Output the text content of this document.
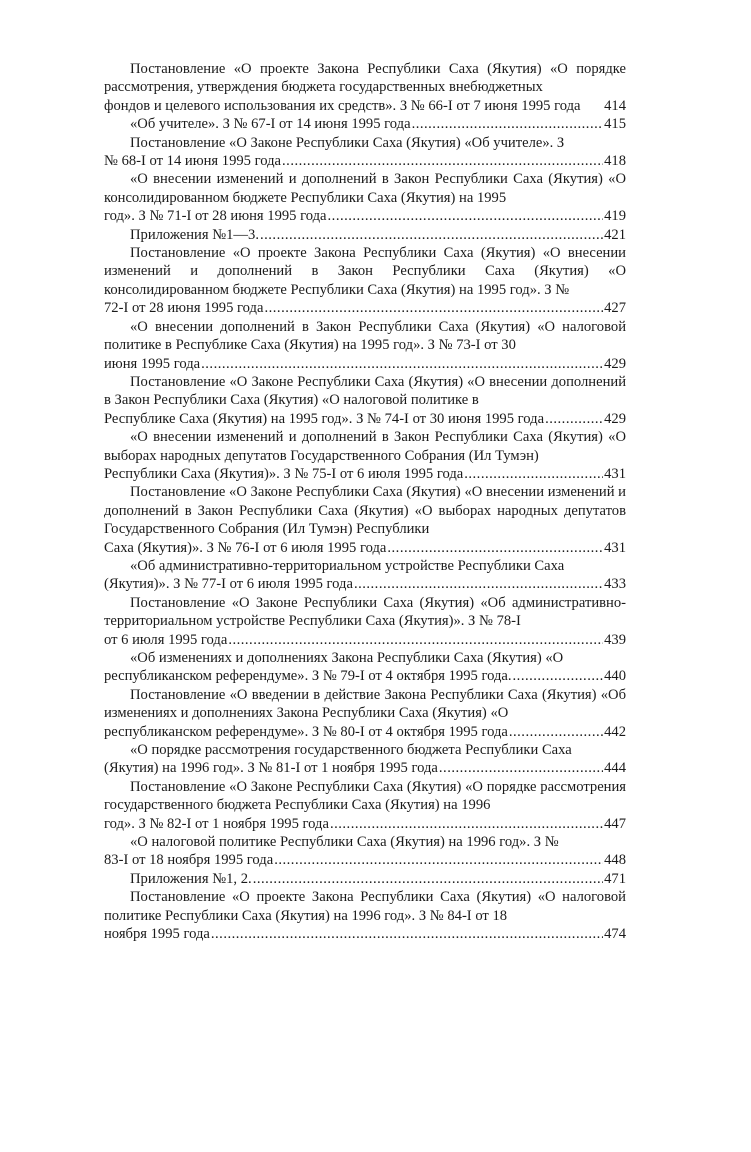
Постановление «О проекте Закона Республики Саха (Якутия) «О порядке рассмотрения, утверждения бюджета государственных внебюджетных
фондов и целевого использования их средств». З № 66-I от 7 июня 1995 года 414

«Об учителе». З № 67-I от 14 июня 1995 года .....	415

Постановление «О Законе Республики Саха (Якутия) «Об учителе». З
№ 68-I от 14 июня 1995 года .....	418

«О внесении изменений и дополнений в Закон Республики Саха (Якутия) «О консолидированном бюджете Республики Саха (Якутия) на 1995
год». З № 71-I от 28 июня 1995 года .....	419

Приложения №1—3. .....	421

Постановление «О проекте Закона Республики Саха (Якутия) «О внесении изменений и дополнений в Закон Республики Саха (Якутия) «О консолидированном бюджете Республики Саха (Якутия) на 1995 год». З №
72-I от 28 июня 1995 года .....	427

«О внесении дополнений в Закон Республики Саха (Якутия) «О налоговой политике в Республике Саха (Якутия) на 1995 год». З № 73-I от 30
июня 1995 года .....	429

Постановление «О Законе Республики Саха (Якутия) «О внесении дополнений в Закон Республики Саха (Якутия) «О налоговой политике в
Республике Саха (Якутия) на 1995 год». З № 74-I от 30 июня 1995 года .....	429

«О внесении изменений и дополнений в Закон Республики Саха (Якутия) «О выборах народных депутатов Государственного Собрания (Ил Тумэн)
Республики Саха (Якутия)». З № 75-I от 6 июля 1995 года .....	431

Постановление «О Законе Республики Саха (Якутия) «О внесении изменений и дополнений в Закон Республики Саха (Якутия) «О выборах народных депутатов Государственного Собрания (Ил Тумэн) Республики
Саха (Якутия)». З № 76-I от 6 июля 1995 года .....	431

«Об административно-территориальном устройстве Республики Саха
(Якутия)». З № 77-I от 6 июля 1995 года .....	433

Постановление «О Законе Республики Саха (Якутия) «Об административно-территориальном устройстве Республики Саха (Якутия)». З № 78-I
от 6 июля 1995 года .....	439

«Об изменениях и дополнениях Закона Республики Саха (Якутия) «О
республиканском референдуме». З № 79-I от 4 октября 1995 года. .....	440

Постановление «О введении в действие Закона Республики Саха (Якутия) «Об изменениях и дополнениях Закона Республики Саха (Якутия) «О
республиканском референдуме». З № 80-I от 4 октября 1995 года .....	442

«О порядке рассмотрения государственного бюджета Республики Саха
(Якутия) на 1996 год». З № 81-I от 1 ноября 1995 года .....	444

Постановление «О Законе Республики Саха (Якутия) «О порядке рассмотрения государственного бюджета Республики Саха (Якутия) на 1996
год». З № 82-I от 1 ноября 1995 года .....	447

«О налоговой политике Республики Саха (Якутия) на 1996 год». З №
83-I от 18 ноября 1995 года .....	448

Приложения №1, 2. .....	471

Постановление «О проекте Закона Республики Саха (Якутия) «О налоговой политике Республики Саха (Якутия) на 1996 год». З № 84-I от 18
ноября 1995 года .....	474
